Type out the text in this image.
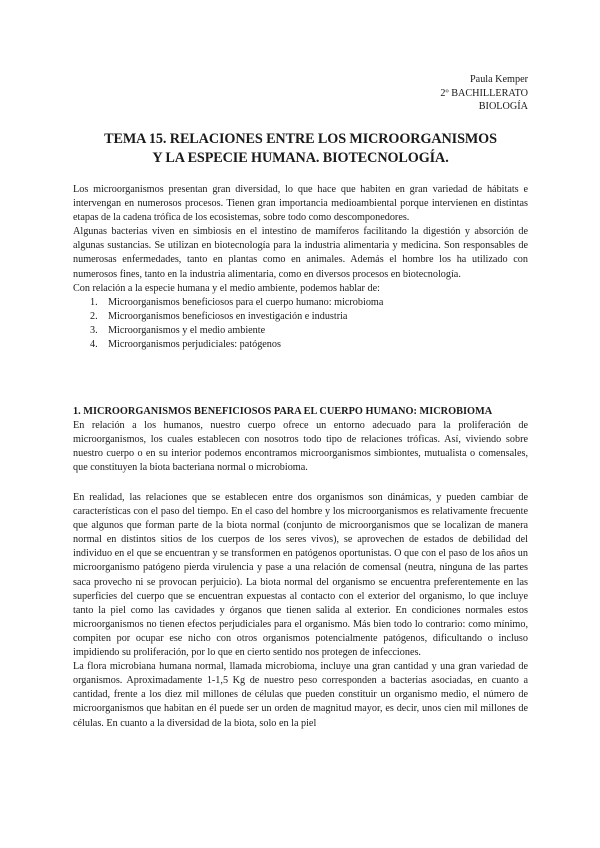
Paula Kemper
2º BACHILLERATO
BIOLOGÍA
TEMA 15. RELACIONES ENTRE LOS MICROORGANISMOS
Y LA ESPECIE HUMANA. BIOTECNOLOGÍA.

Los microorganismos presentan gran diversidad, lo que hace que habiten en gran variedad de hábitats e intervengan en numerosos procesos. Tienen gran importancia medioambiental porque intervienen en distintas etapas de la cadena trófica de los ecosistemas, sobre todo como descomponedores.

Algunas bacterias viven en simbiosis en el intestino de mamíferos facilitando la digestión y absorción de algunas sustancias. Se utilizan en biotecnología para la industria alimentaria y medicina. Son responsables de numerosas enfermedades, tanto en plantas como en animales. Además el hombre los ha utilizado con numerosos fines, tanto en la industria alimentaria, como en diversos procesos en biotecnología.

Con relación a la especie humana y el medio ambiente, podemos hablar de:

1. Microorganismos beneficiosos para el cuerpo humano: microbioma
2. Microorganismos beneficiosos en investigación e industria
3. Microorganismos y el medio ambiente
4. Microorganismos perjudiciales: patógenos

1. MICROORGANISMOS BENEFICIOSOS PARA EL CUERPO HUMANO: MICROBIOMA

En relación a los humanos, nuestro cuerpo ofrece un entorno adecuado para la proliferación de microorganismos, los cuales establecen con nosotros todo tipo de relaciones tróficas. Así, viviendo sobre nuestro cuerpo o en su interior podemos encontramos microorganismos simbiontes, mutualista o comensales, que constituyen la biota bacteriana normal o microbioma.

En realidad, las relaciones que se establecen entre dos organismos son dinámicas, y pueden cambiar de características con el paso del tiempo. En el caso del hombre y los microorganismos es relativamente frecuente que algunos que forman parte de la biota normal (conjunto de microorganismos que se localizan de manera normal en distintos sitios de los cuerpos de los seres vivos), se aprovechen de estados de debilidad del individuo en el que se encuentran y se transformen en patógenos oportunistas. O que con el paso de los años un microorganismo patógeno pierda virulencia y pase a una relación de comensal (neutra, ninguna de las partes saca provecho ni se provocan perjuicio). La biota normal del organismo se encuentra preferentemente en las superficies del cuerpo que se encuentran expuestas al contacto con el exterior del organismo, lo que incluye tanto la piel como las cavidades y órganos que tienen salida al exterior. En condiciones normales estos microorganismos no tienen efectos perjudiciales para el organismo. Más bien todo lo contrario: como mínimo, compiten por ocupar ese nicho con otros organismos potencialmente patógenos, dificultando o incluso impidiendo su proliferación, por lo que en cierto sentido nos protegen de infecciones.

La flora microbiana humana normal, llamada microbioma, incluye una gran cantidad y una gran variedad de organismos. Aproximadamente 1-1,5 Kg de nuestro peso corresponden a bacterias asociadas, en cuanto a cantidad, frente a los diez mil millones de células que pueden constituir un organismo medio, el número de microorganismos que habitan en él puede ser un orden de magnitud mayor, es decir, unos cien mil millones de células. En cuanto a la diversidad de la biota, solo en la piel
